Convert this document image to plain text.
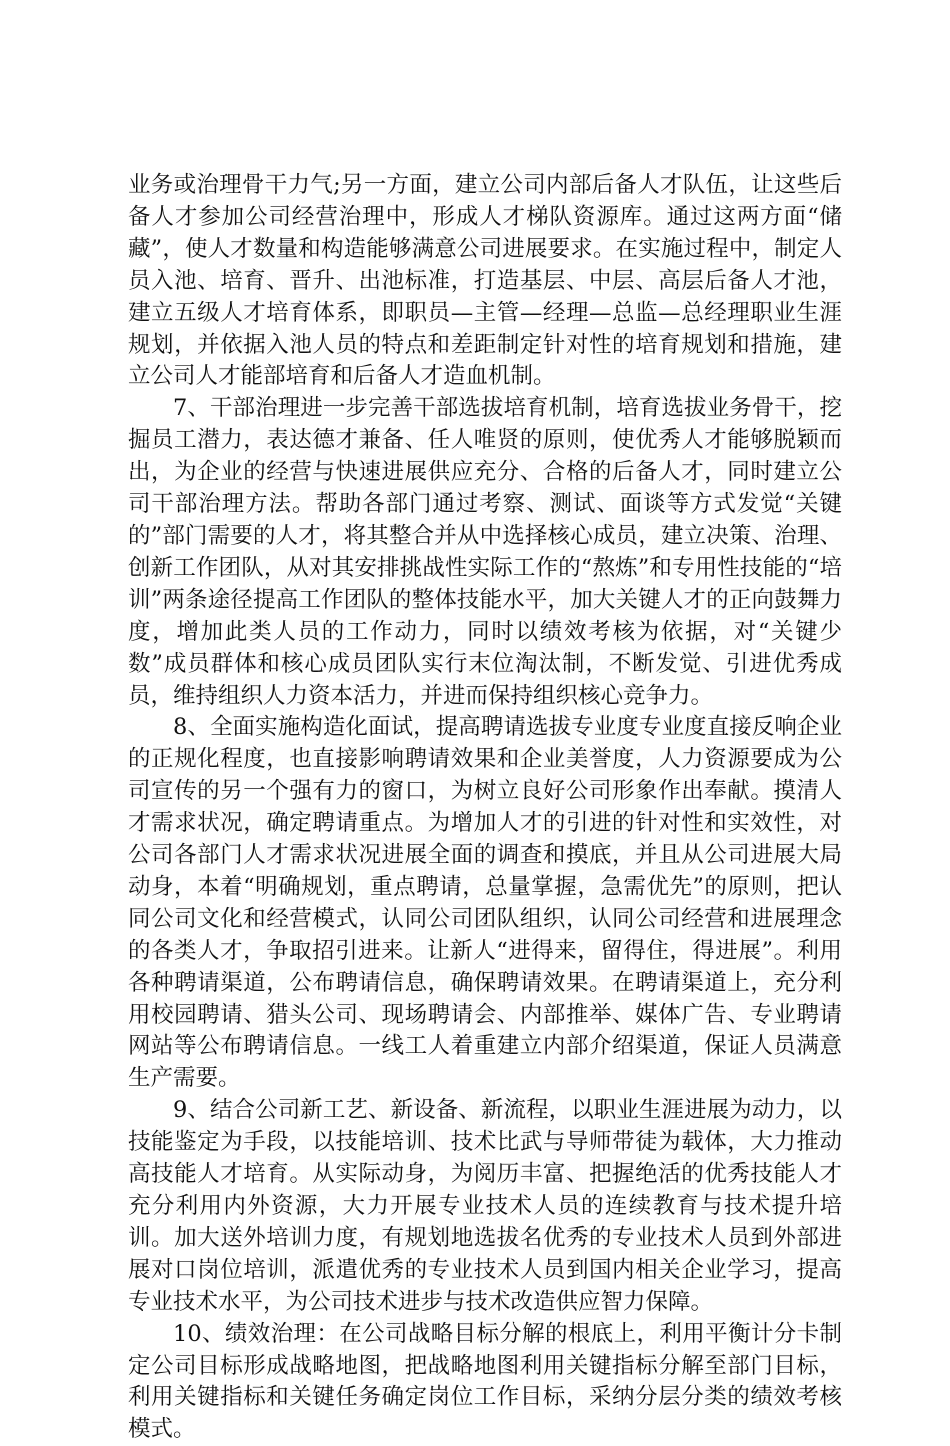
业务或治理骨干力气;另一方面，建立公司内部后备人才队伍，让这些后备人才参加公司经营治理中，形成人才梯队资源库。通过这两方面“储藏”，使人才数量和构造能够满意公司进展要求。在实施过程中，制定人员入池、培育、晋升、出池标准，打造基层、中层、高层后备人才池，建立五级人才培育体系，即职员—主管—经理—总监—总经理职业生涯规划，并依据入池人员的特点和差距制定针对性的培育规划和措施，建立公司人才能部培育和后备人才造血机制。

7、干部治理进一步完善干部选拔培育机制，培育选拔业务骨干，挖掘员工潜力，表达德才兼备、任人唯贤的原则，使优秀人才能够脱颖而出，为企业的经营与快速进展供应充分、合格的后备人才，同时建立公司干部治理方法。帮助各部门通过考察、测试、面谈等方式发觉“关键的”部门需要的人才，将其整合并从中选择核心成员，建立决策、治理、创新工作团队，从对其安排挑战性实际工作的“熬炼”和专用性技能的“培训”两条途径提高工作团队的整体技能水平，加大关键人才的正向鼓舞力度，增加此类人员的工作动力，同时以绩效考核为依据，对“关键少数”成员群体和核心成员团队实行末位淘汰制，不断发觉、引进优秀成员，维持组织人力资本活力，并进而保持组织核心竞争力。

8、全面实施构造化面试，提高聘请选拔专业度专业度直接反响企业的正规化程度，也直接影响聘请效果和企业美誉度，人力资源要成为公司宣传的另一个强有力的窗口，为树立良好公司形象作出奉献。摸清人才需求状况，确定聘请重点。为增加人才的引进的针对性和实效性，对公司各部门人才需求状况进展全面的调查和摸底，并且从公司进展大局动身，本着“明确规划，重点聘请，总量掌握，急需优先”的原则，把认同公司文化和经营模式，认同公司团队组织，认同公司经营和进展理念的各类人才，争取招引进来。让新人“进得来，留得住，得进展”。利用各种聘请渠道，公布聘请信息，确保聘请效果。在聘请渠道上，充分利用校园聘请、猎头公司、现场聘请会、内部推举、媒体广告、专业聘请网站等公布聘请信息。一线工人着重建立内部介绍渠道，保证人员满意生产需要。

9、结合公司新工艺、新设备、新流程，以职业生涯进展为动力，以技能鉴定为手段，以技能培训、技术比武与导师带徒为载体，大力推动高技能人才培育。从实际动身，为阅历丰富、把握绝活的优秀技能人才充分利用内外资源，大力开展专业技术人员的连续教育与技术提升培训。加大送外培训力度，有规划地选拔名优秀的专业技术人员到外部进展对口岗位培训，派遣优秀的专业技术人员到国内相关企业学习，提高专业技术水平，为公司技术进步与技术改造供应智力保障。

10、绩效治理：在公司战略目标分解的根底上，利用平衡计分卡制定公司目标形成战略地图，把战略地图利用关键指标分解至部门目标，利用关键指标和关键任务确定岗位工作目标，采纳分层分类的绩效考核模式。
